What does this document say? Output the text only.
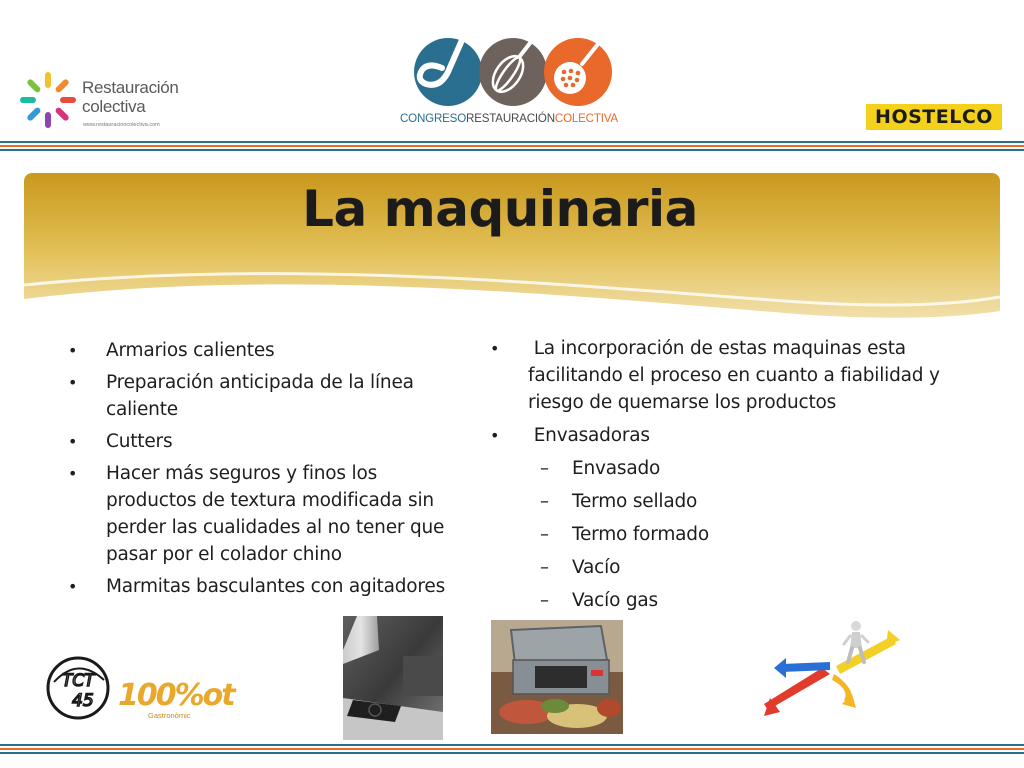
Restauración
colectiva
www.restauracioncolectiva.com	CONGRESORESTAURACIÓNCOLECTIVA	HOSTELCO
La maquinaria
• Armarios calientes
• Preparación anticipada de la línea caliente
• Cutters
• Hacer más seguros y finos los productos de textura modificada sin perder las cualidades al no tener que pasar por el colador chino
• Marmitas basculantes con agitadores
• La incorporación de estas maquinas esta facilitando el proceso en cuanto a fiabilidad y riesgo de quemarse los productos
• Envasadoras
– Envasado
– Termo sellado
– Termo formado
– Vacío
– Vacío gas
TCT
45 100%ot
Gastronòmic
